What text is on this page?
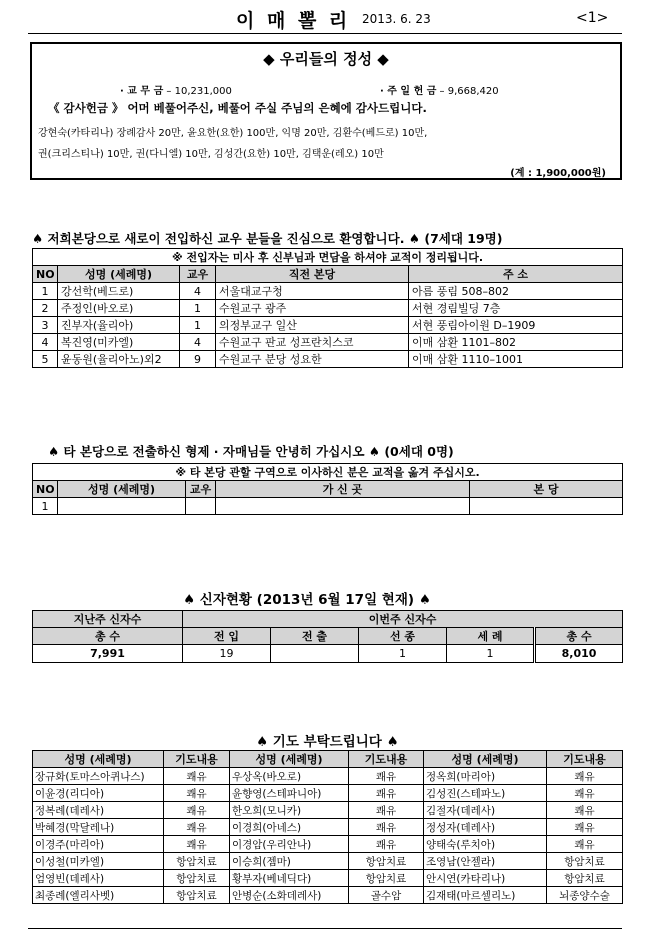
이 매 뽈 리 2013. 6. 23	<1>
◆ 우리들의 정성 ◆
· 교 무 금 – 10,231,000	· 주 일 헌 금 – 9,668,420
《 감사헌금 》 어머 베풀어주신, 베풀어 주실 주님의 은혜에 감사드립니다.
강현숙(카타리나) 장례감사 20만, 윤요한(요한) 100만, 익명 20만, 김환수(베드로) 10만,
권(크리스티나) 10만, 권(다니엘) 10만, 김성간(요한) 10만, 김택운(레오) 10만
(계 : 1,900,000원)
♠ 저희본당으로 새로이 전입하신 교우 분들을 진심으로 환영합니다. ♠ (7세대 19명)
※ 전입자는 미사 후 신부님과 면담을 하셔야 교적이 정리됩니다.				
NO	성명 (세례명)	교우	직전 본당	주 소
1	강선학(베드로)	4	서울대교구청	아름 풍림 508–802
2	주정인(바오로)	1	수원교구 광주	서현 경림빌딩 7층
3	진부자(율리아)	1	의정부교구 일산	서현 풍림아이원 D–1909
4	복진영(미카엘)	4	수원교구 판교 성프란치스코	이매 삼환 1101–802
5	윤동원(율리아노)외2	9	수원교구 분당 성요한	이매 삼환 1110–1001
♠ 타 본당으로 전출하신 형제 · 자매님들 안녕히 가십시오 ♠ (0세대 0명)
※ 타 본당 관할 구역으로 이사하신 분은 교적을 옮겨 주십시오.				
NO	성명 (세례명)	교우	가 신 곳	본 당
1				
♠ 신자현황 (2013년 6월 17일 현재) ♠
지난주 신자수	이번주 신자수				
총 수	전 입	전 출	선 종	세 례	총 수
7,991	19		1	1	8,010
♠ 기도 부탁드립니다 ♠
성명 (세례명)	기도내용	성명 (세례명)	기도내용	성명 (세례명)	기도내용
장규화(토마스아퀴나스)	쾌유	우상옥(바오로)	쾌유	정옥희(마리아)	쾌유
이윤경(리디아)	쾌유	윤향영(스테파니아)	쾌유	김성진(스테파노)	쾌유
정복례(데레사)	쾌유	한오희(모니카)	쾌유	김절자(데레사)	쾌유
박혜경(막달레나)	쾌유	이경희(아네스)	쾌유	정성자(데레사)	쾌유
이경주(마리아)	쾌유	이경암(우리안나)	쾌유	양태숙(루치아)	쾌유
이성철(미카엘)	항암치료	이승희(젬마)	항암치료	조영남(안젤라)	항암치료
엄영빈(데레사)	항암치료	황부자(베네딕다)	항암치료	안시연(카타리나)	항암치료
최종례(엘리사벳)	항암치료	안병순(소화데레사)	골수암	김재태(마르셀리노)	뇌종양수술
